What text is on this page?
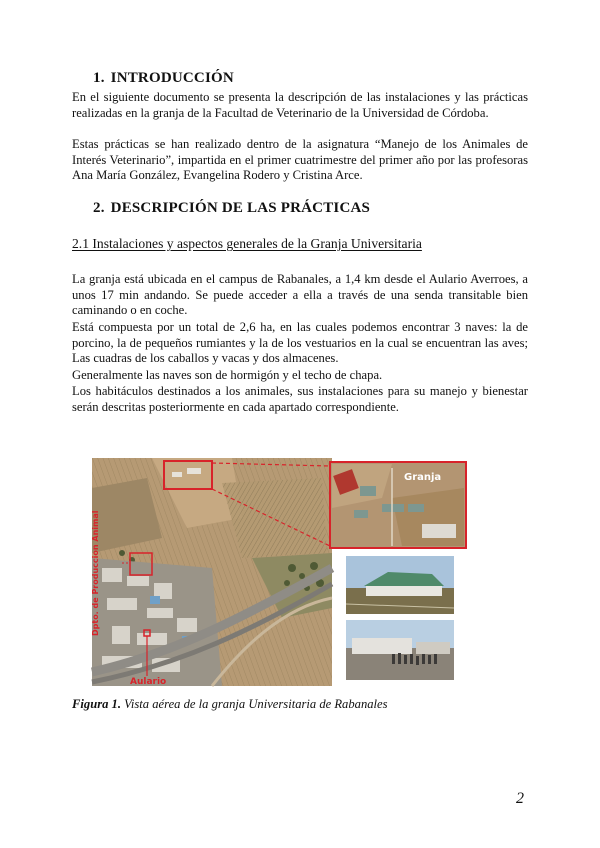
1. INTRODUCCIÓN

En el siguiente documento se presenta la descripción de las instalaciones y las prácticas realizadas en la granja de la Facultad de Veterinario de la Universidad de Córdoba.

Estas prácticas se han realizado dentro de la asignatura “Manejo de los Animales de Interés Veterinario”, impartida en el primer cuatrimestre del primer año por las profesoras Ana María González, Evangelina Rodero y Cristina Arce.

2. DESCRIPCIÓN DE LAS PRÁCTICAS
2.1 Instalaciones y aspectos generales de la Granja Universitaria

La granja está ubicada en el campus de Rabanales, a 1,4 km desde el Aulario Averroes, a unos 17 min andando. Se puede acceder a ella a través de una senda transitable bien caminando o en coche.

Está compuesta por un total de 2,6 ha, en las cuales podemos encontrar 3 naves: la de porcino, la de pequeños rumiantes y la de los vestuarios en la cual se encuentran las aves; Las cuadras de los caballos y vacas y dos almacenes.

Generalmente las naves son de hormigón y el techo de chapa.

Los habitáculos destinados a los animales, sus instalaciones para su manejo y bienestar serán descritas posteriormente en cada apartado correspondiente.

Granja
Dpto. de Produccion Animal
Aulario
Figura 1. Vista aérea de la granja Universitaria de Rabanales
2
